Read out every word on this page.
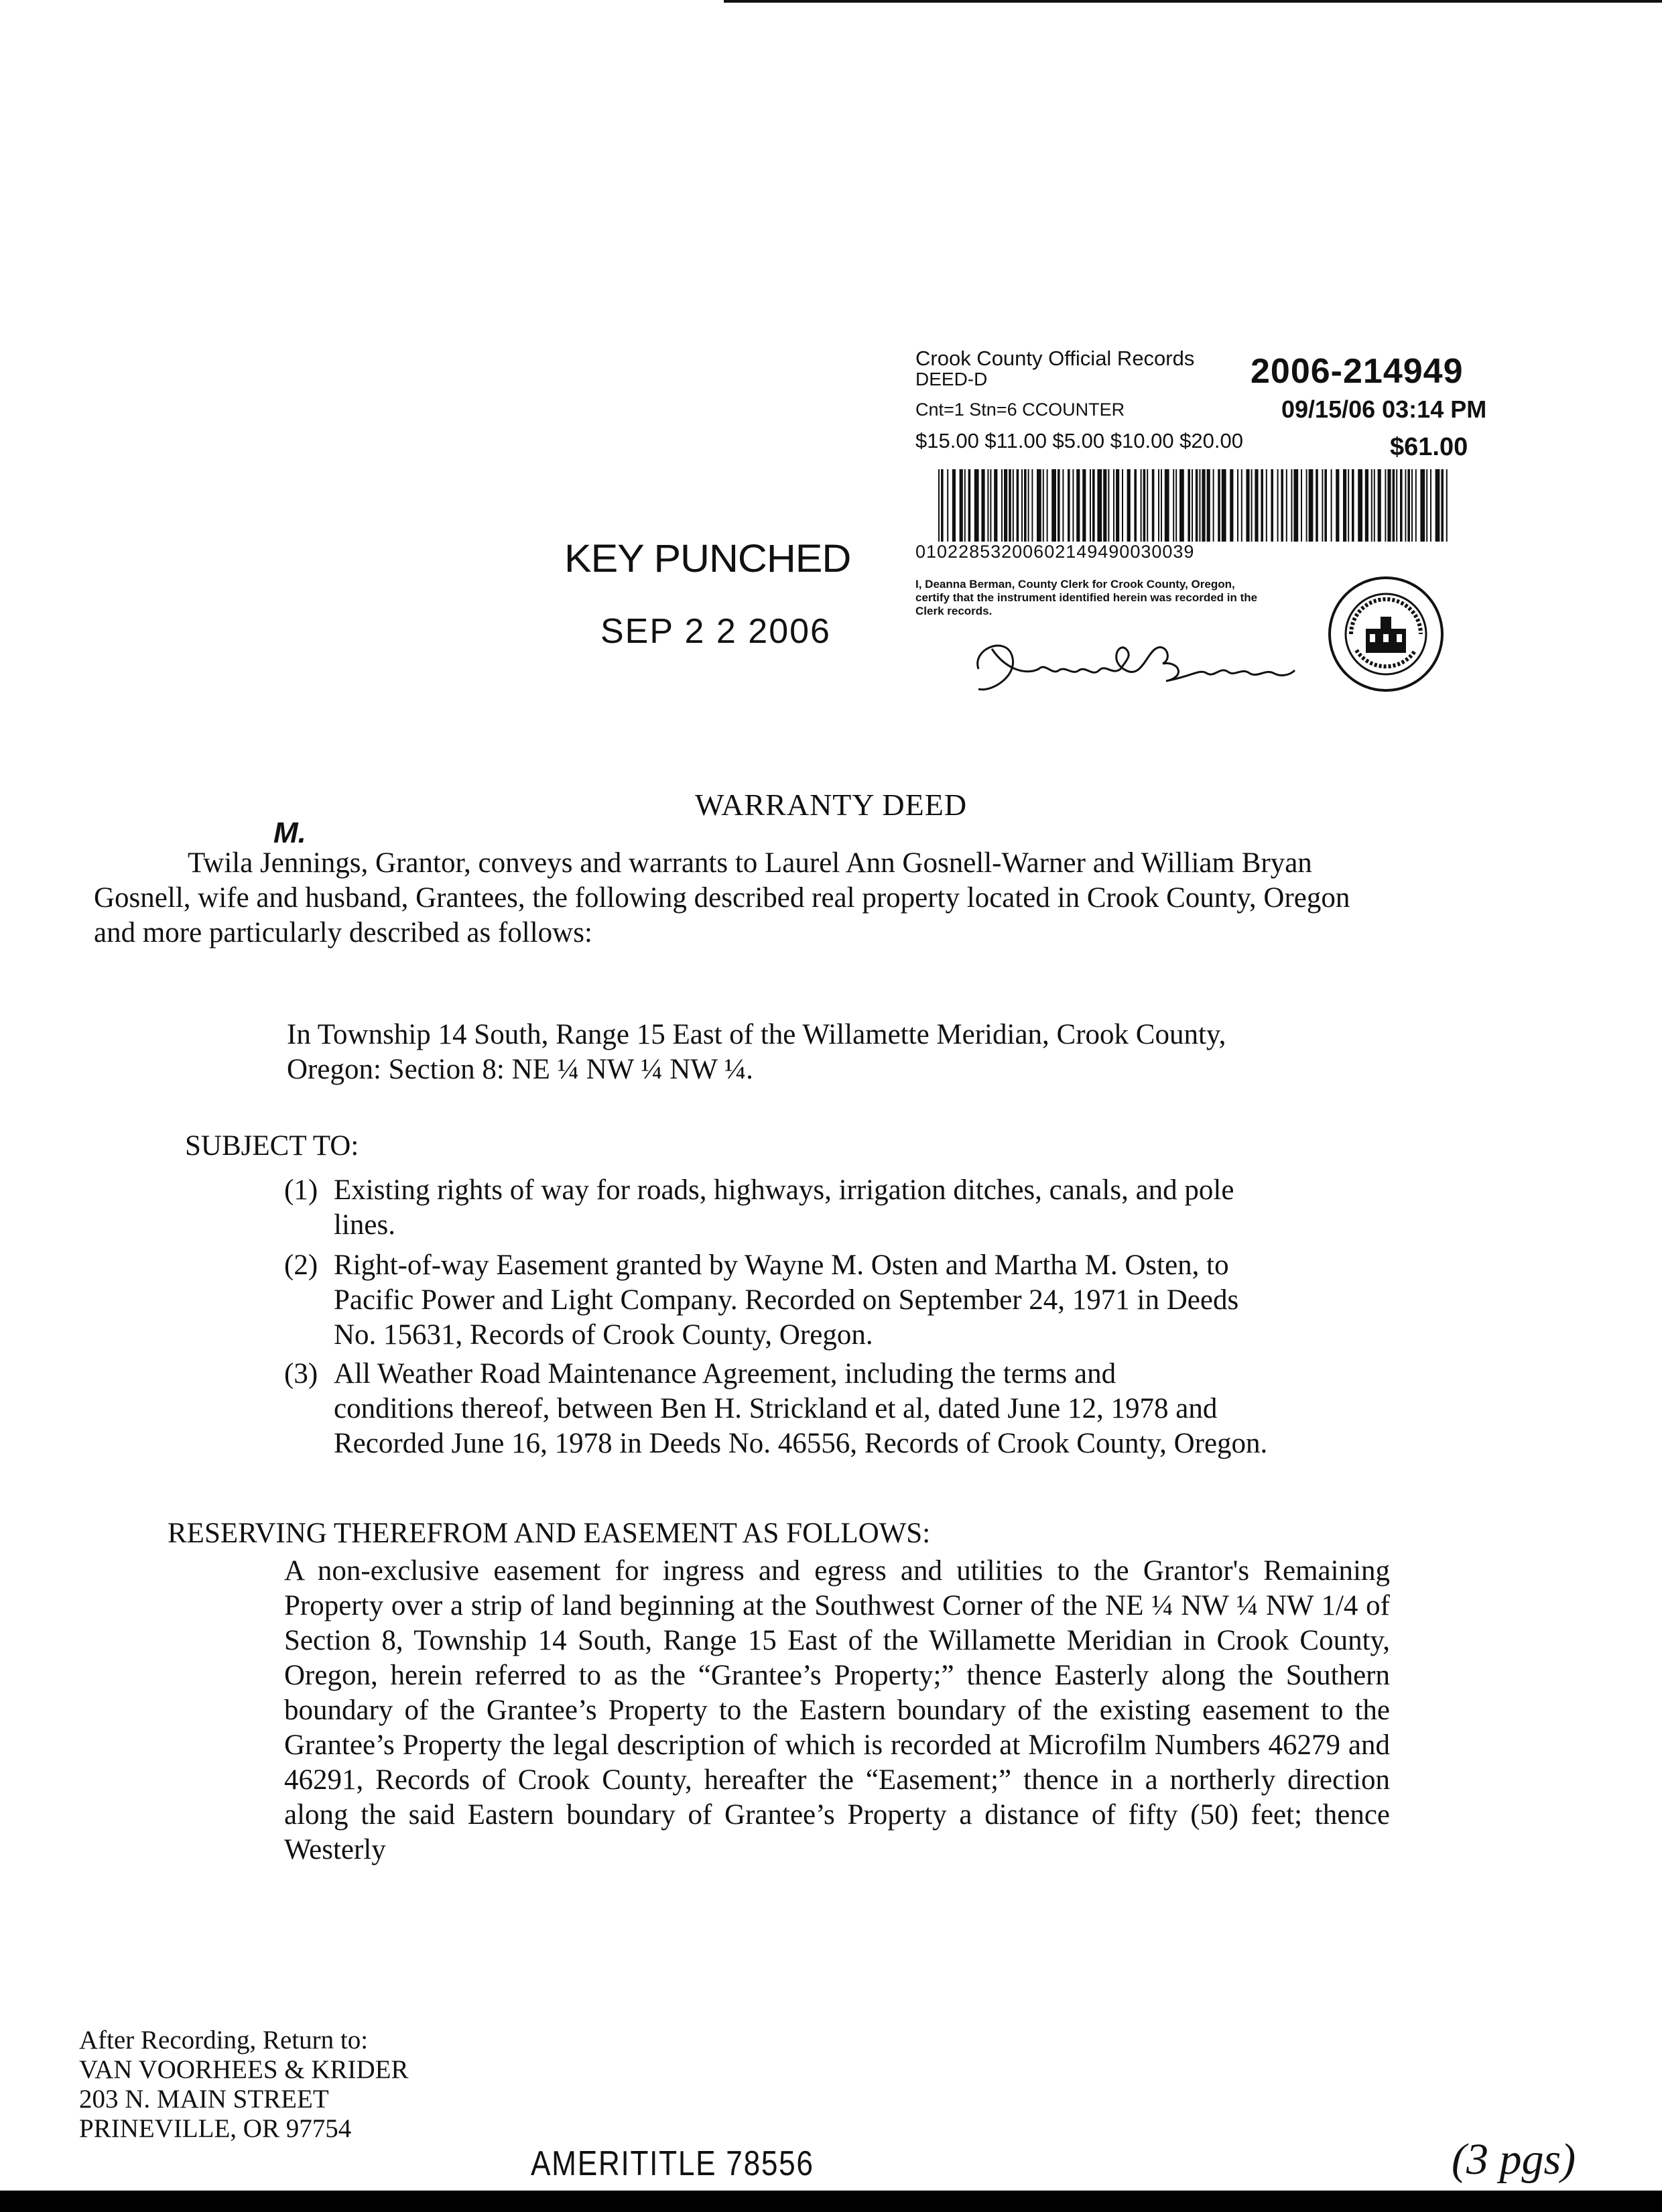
Crook County Official Records
DEED-D	2006-214949
Cnt=1 Stn=6 CCOUNTER	09/15/06 03:14 PM
$15.00 $11.00 $5.00 $10.00 $20.00	$61.00
01022853200602149490030039
I, Deanna Berman, County Clerk for Crook County, Oregon, certify that the instrument identified herein was recorded in the Clerk records.
KEY PUNCHED
SEP 2 2 2006
WARRANTY DEED
M.

Twila Jennings, Grantor, conveys and warrants to Laurel Ann Gosnell-Warner and William Bryan

Gosnell, wife and husband, Grantees, the following described real property located in Crook County, Oregon
and more particularly described as follows:
In Township 14 South, Range 15 East of the Willamette Meridian, Crook County,
Oregon: Section 8: NE ¼ NW ¼ NW ¼.
SUBJECT TO:
(1) Existing rights of way for roads, highways, irrigation ditches, canals, and pole
lines.
(2) Right-of-way Easement granted by Wayne M. Osten and Martha M. Osten, to
Pacific Power and Light Company. Recorded on September 24, 1971 in Deeds
No. 15631, Records of Crook County, Oregon.
(3) All Weather Road Maintenance Agreement, including the terms and
conditions thereof, between Ben H. Strickland et al, dated June 12, 1978 and
Recorded June 16, 1978 in Deeds No. 46556, Records of Crook County, Oregon.
RESERVING THEREFROM AND EASEMENT AS FOLLOWS:
A non-exclusive easement for ingress and egress and utilities to the Grantor's Remaining Property over a strip of land beginning at the Southwest Corner of the NE ¼ NW ¼ NW 1/4 of Section 8, Township 14 South, Range 15 East of the Willamette Meridian in Crook County, Oregon, herein referred to as the “Grantee’s Property;” thence Easterly along the Southern boundary of the Grantee’s Property to the Eastern boundary of the existing easement to the Grantee’s Property the legal description of which is recorded at Microfilm Numbers 46279 and 46291, Records of Crook County, hereafter the “Easement;” thence in a northerly direction along the said Eastern boundary of Grantee’s Property a distance of fifty (50) feet; thence Westerly
After Recording, Return to:
VAN VOORHEES & KRIDER
203 N. MAIN STREET
PRINEVILLE, OR 97754
AMERITITLE 78556	(3 pgs)
